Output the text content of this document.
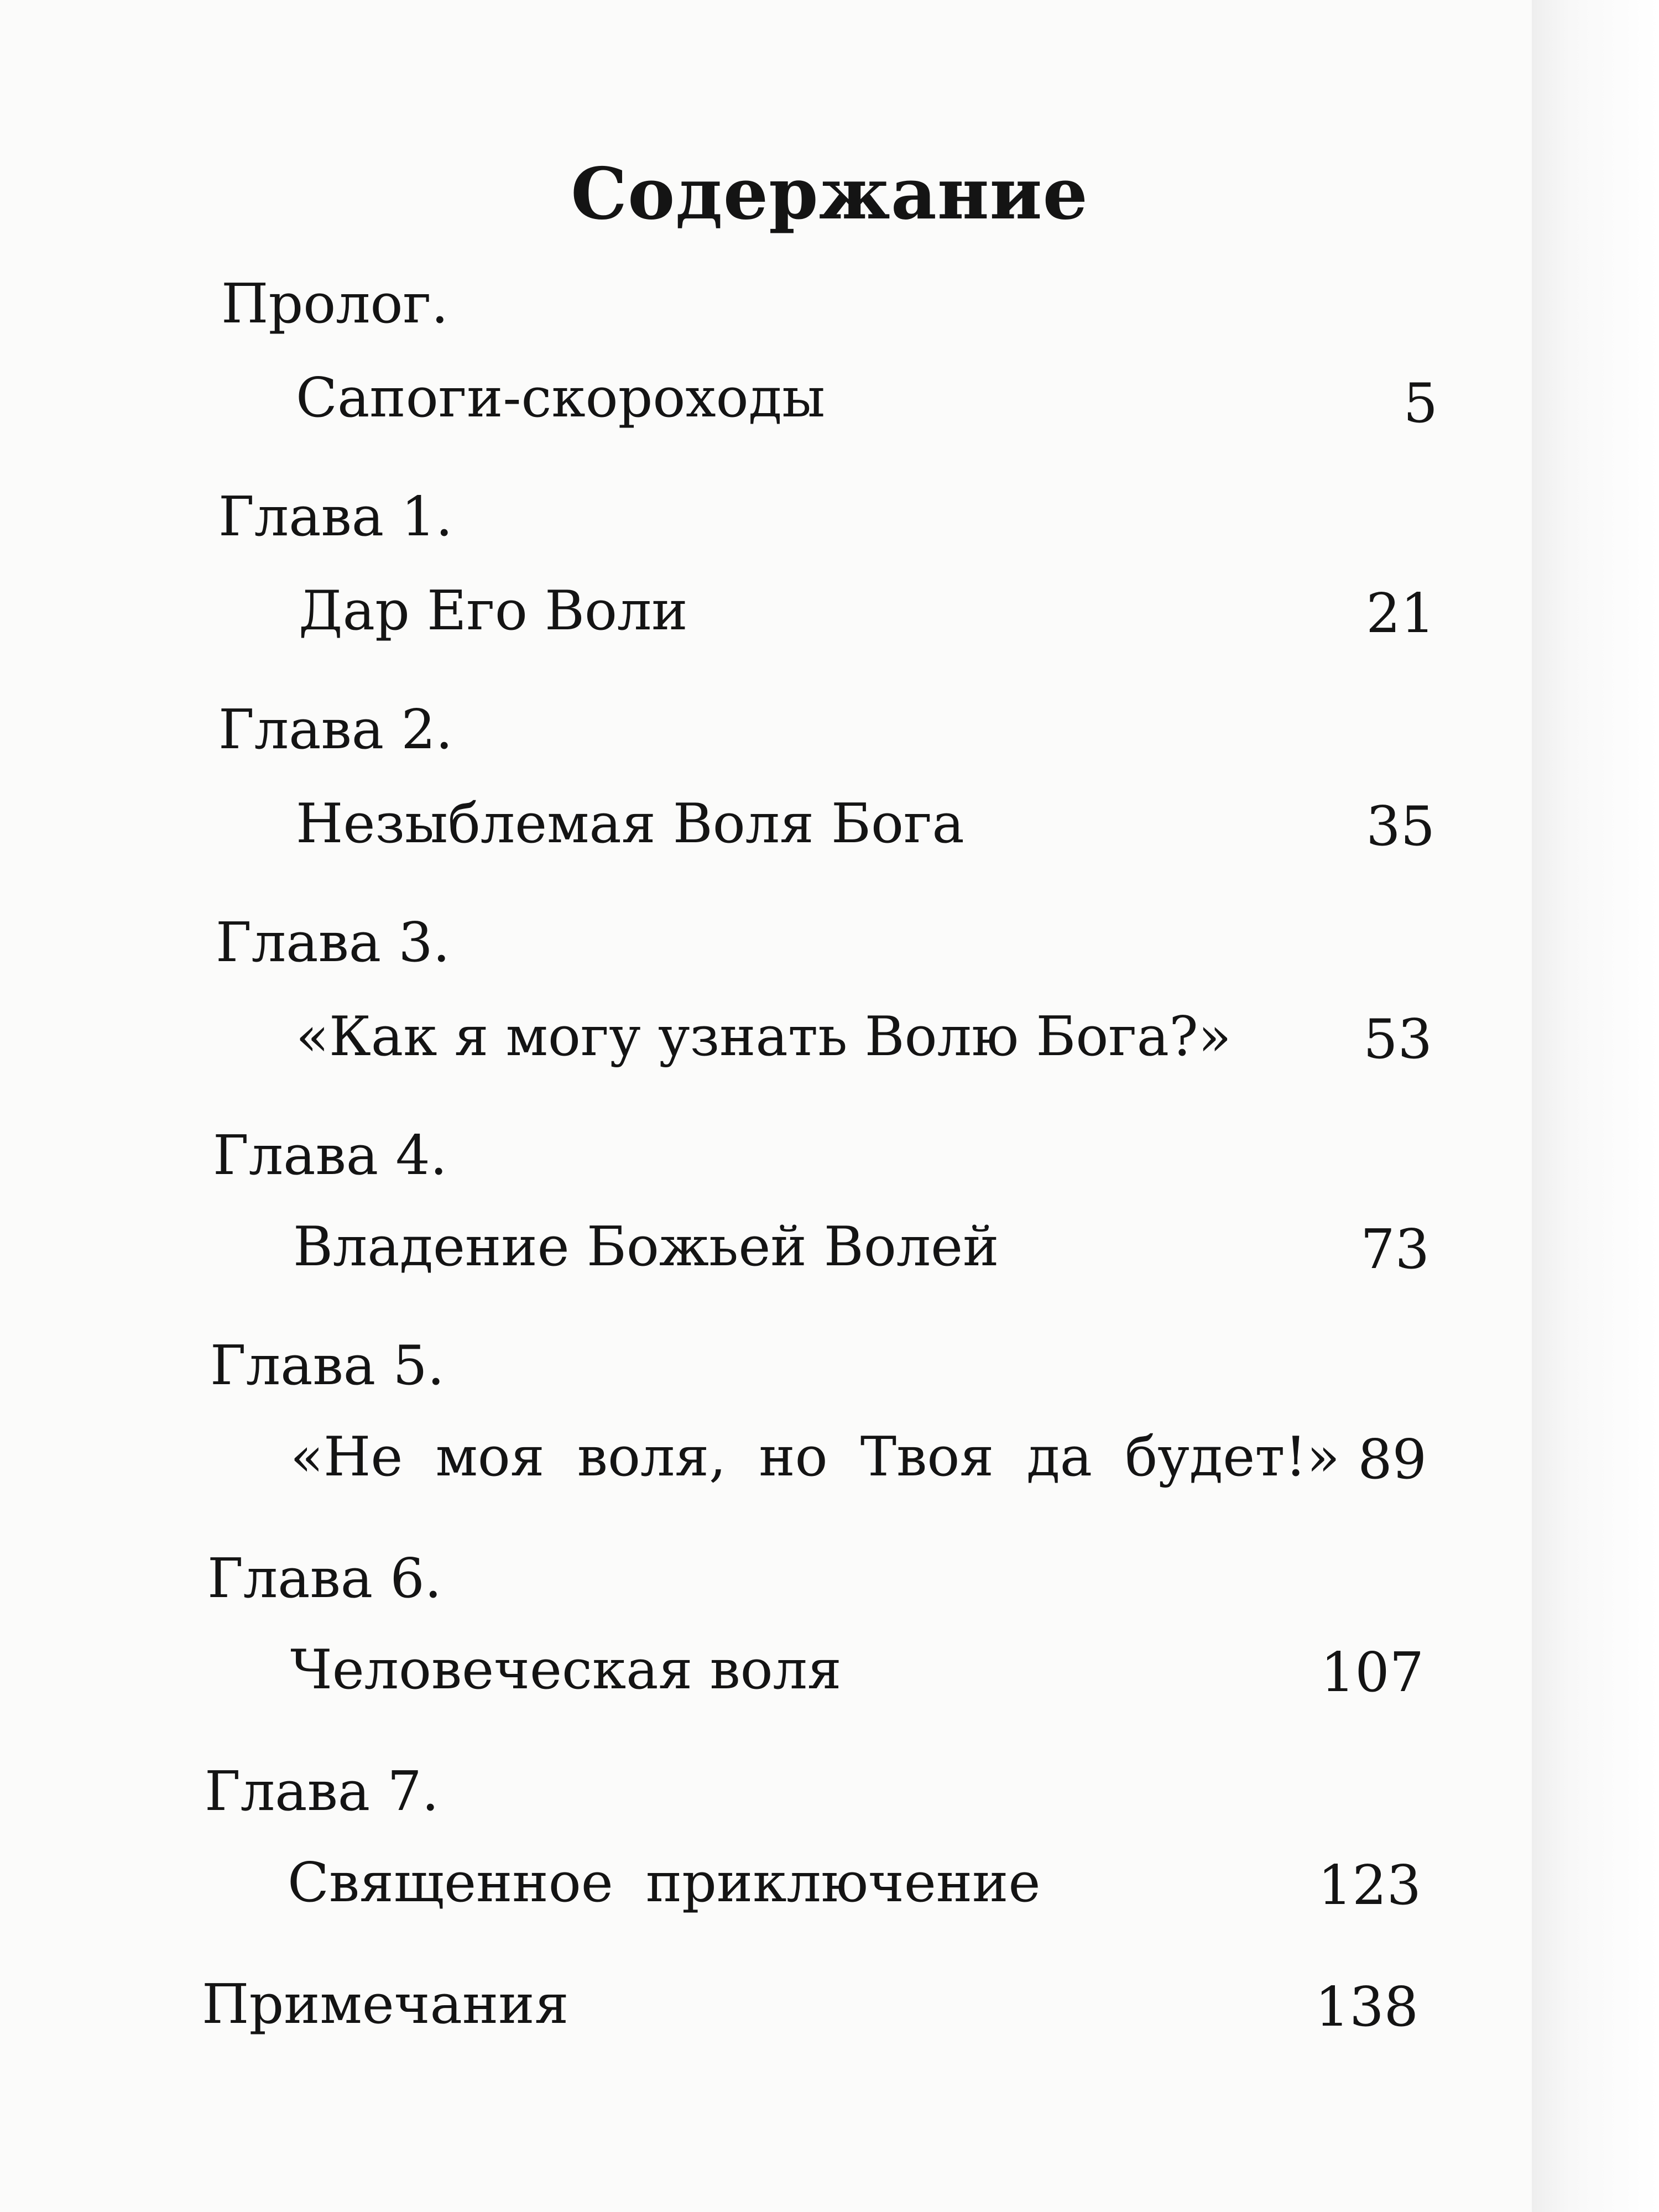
Содержание
Пролог.
Сапоги-скороходы	5
Глава 1.
Дар Его Воли	21
Глава 2.
Незыблемая Воля Бога	35
Глава 3.
«Как я могу узнать Волю Бога?»	53
Глава 4.
Владение Божьей Волей	73
Глава 5.
«Не моя воля, но Твоя да будет!» 89
Глава 6.
Человеческая воля	107
Глава 7.
Священное приключение	123
Примечания	138
